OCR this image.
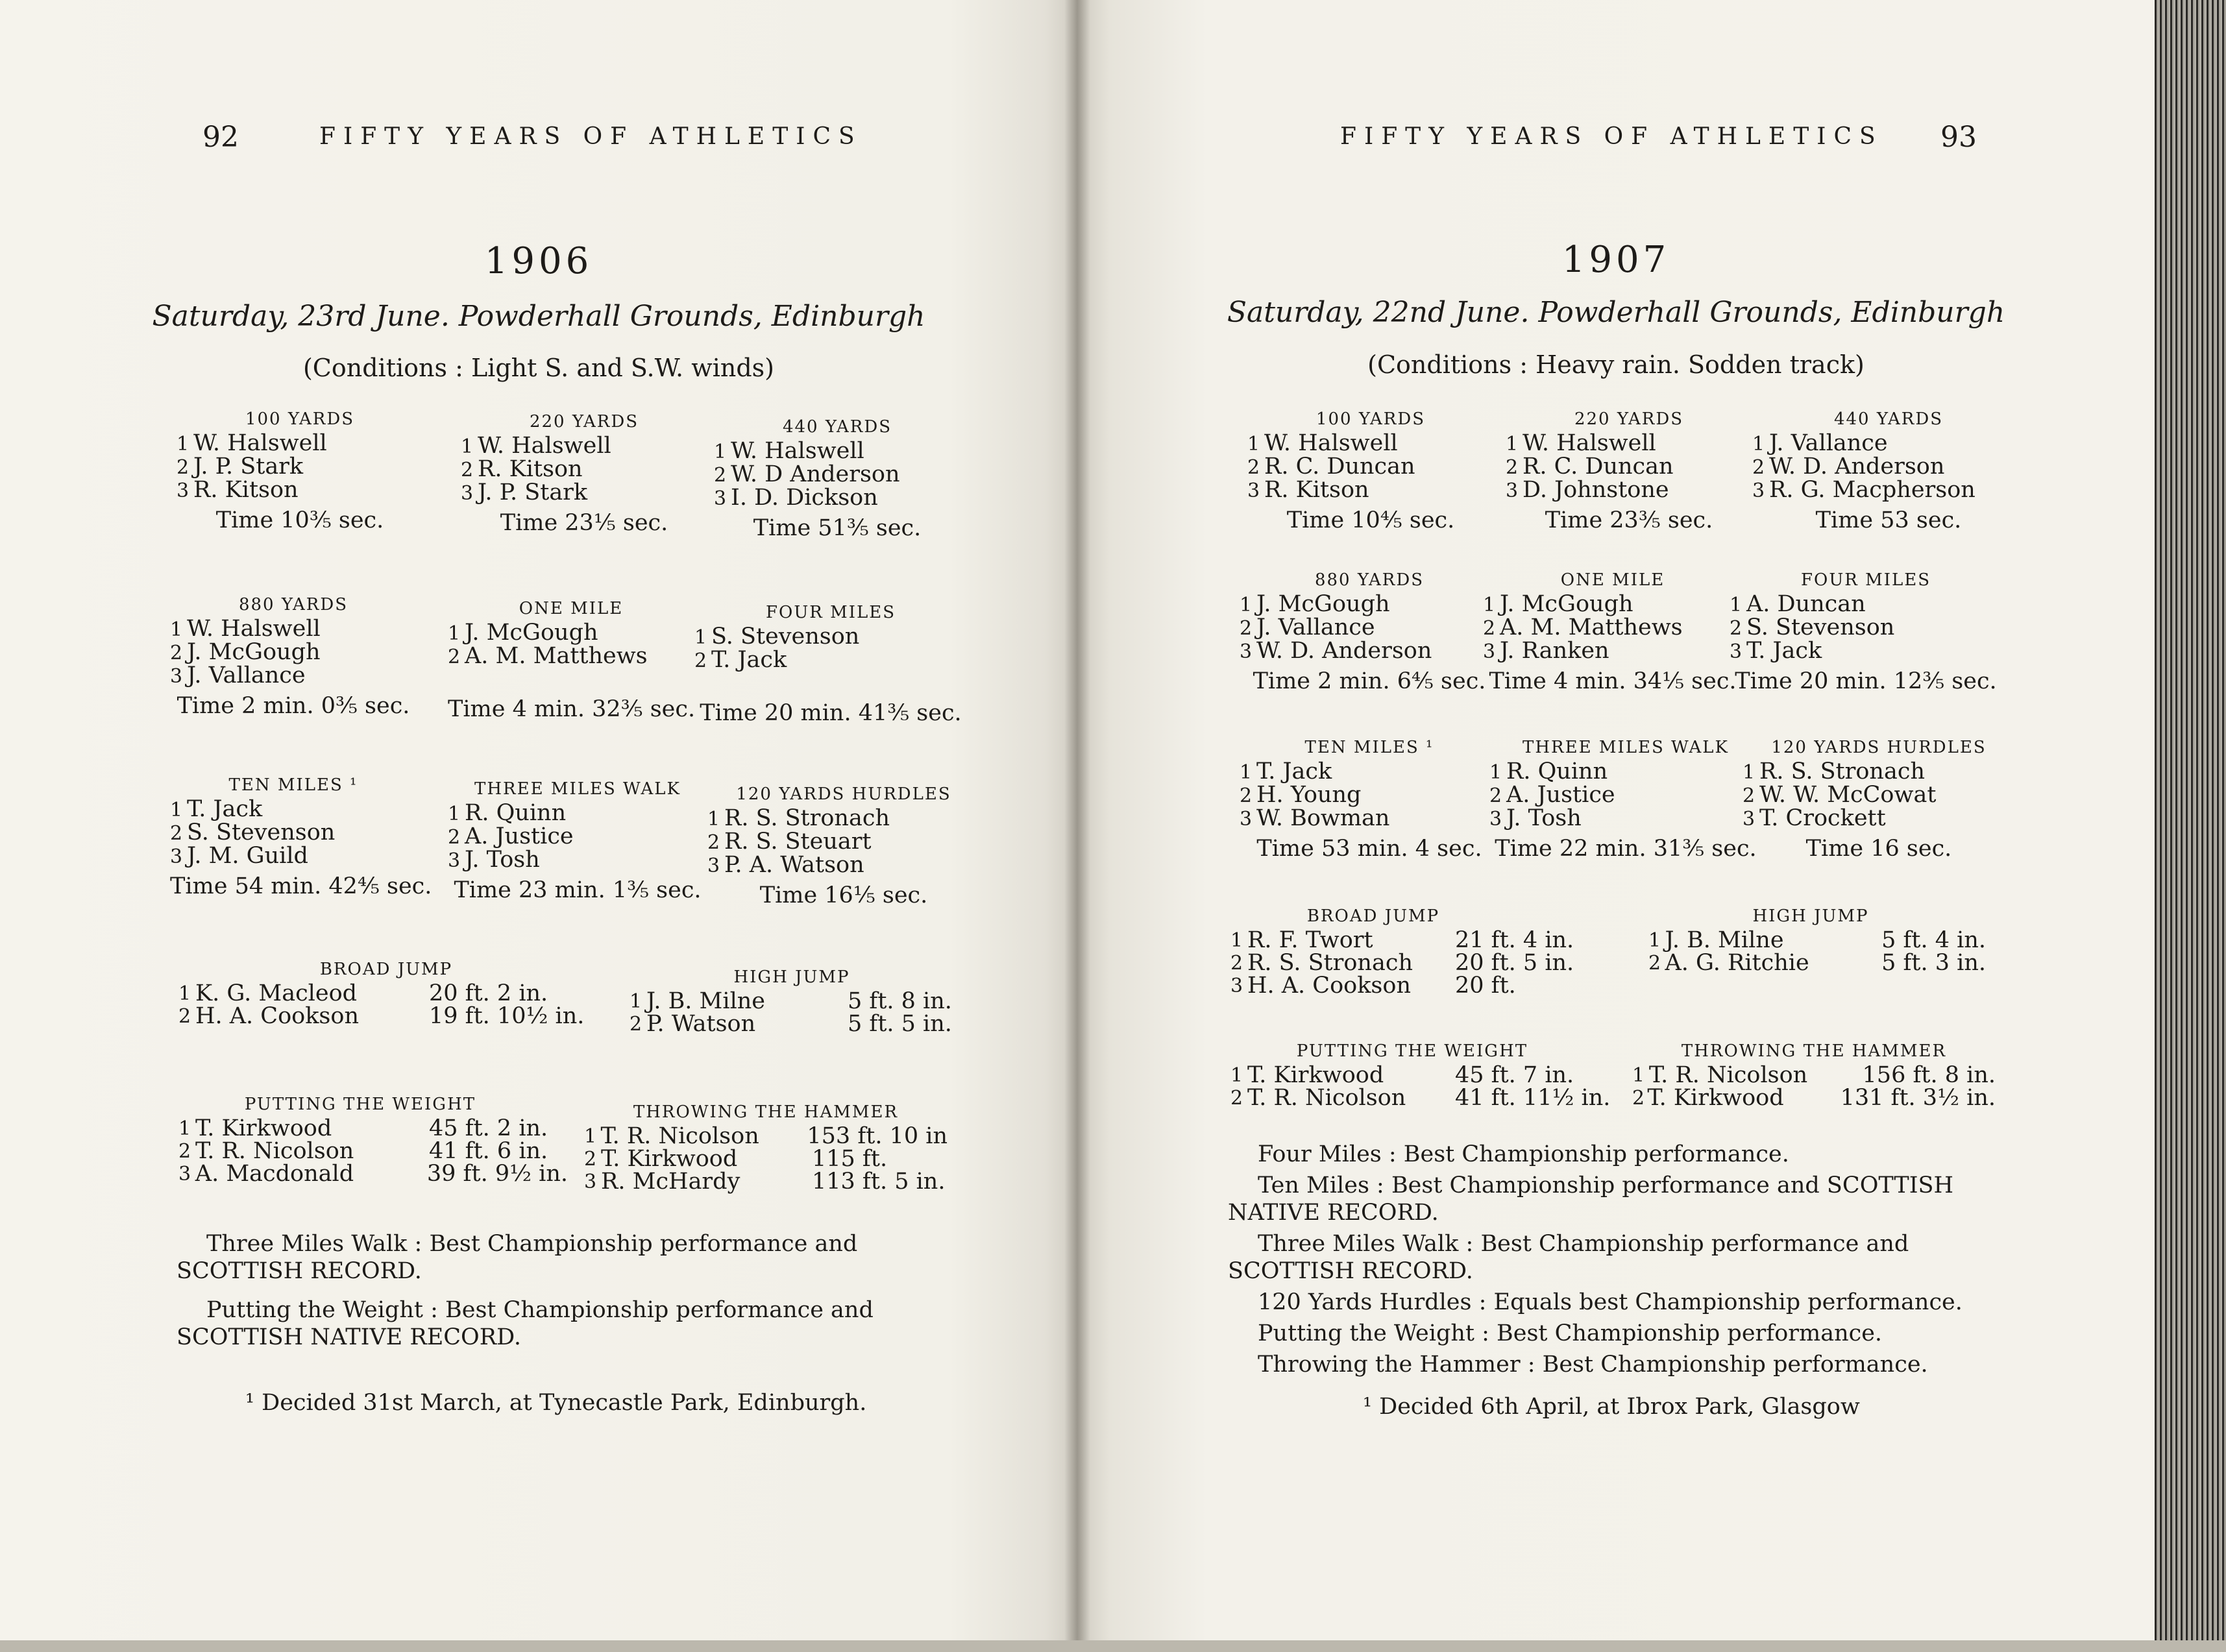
92	FIFTY YEARS OF ATHLETICS
1906
Saturday, 23rd June. Powderhall Grounds, Edinburgh
(Conditions : Light S. and S.W. winds)
100 YARDS
1 W. Halswell
2 J. P. Stark
3 R. Kitson
Time 10⅗ sec.
220 YARDS
1 W. Halswell
2 R. Kitson
3 J. P. Stark
Time 23⅕ sec.
440 YARDS
1 W. Halswell
2 W. D Anderson
3 I. D. Dickson
Time 51⅗ sec.
880 YARDS
1 W. Halswell
2 J. McGough
3 J. Vallance
Time 2 min. 0⅗ sec.
ONE MILE
1 J. McGough
2 A. M. Matthews
Time 4 min. 32⅗ sec.
FOUR MILES
1 S. Stevenson
2 T. Jack
Time 20 min. 41⅗ sec.
TEN MILES ¹
1 T. Jack
2 S. Stevenson
3 J. M. Guild
Time 54 min. 42⅘ sec.
THREE MILES WALK
1 R. Quinn
2 A. Justice
3 J. Tosh
Time 23 min. 1⅗ sec.
120 YARDS HURDLES
1 R. S. Stronach
2 R. S. Steuart
3 P. A. Watson
Time 16⅕ sec.
BROAD JUMP
1 K. G. Macleod	20 ft. 2 in.
2 H. A. Cookson	19 ft. 10½ in.
HIGH JUMP
1 J. B. Milne	5 ft. 8 in.
2 P. Watson	5 ft. 5 in.
PUTTING THE WEIGHT
1 T. Kirkwood	45 ft. 2 in.
2 T. R. Nicolson	41 ft. 6 in.
3 A. Macdonald	39 ft. 9½ in.
THROWING THE HAMMER
1 T. R. Nicolson	153 ft. 10 in
2 T. Kirkwood	115 ft.
3 R. McHardy	113 ft. 5 in.

Three Miles Walk : Best Championship performance and SCOTTISH RECORD.

Putting the Weight : Best Championship performance and SCOTTISH NATIVE RECORD.

¹ Decided 31st March, at Tynecastle Park, Edinburgh.
FIFTY YEARS OF ATHLETICS 93
1907
Saturday, 22nd June. Powderhall Grounds, Edinburgh
(Conditions : Heavy rain. Sodden track)
100 YARDS
1 W. Halswell
2 R. C. Duncan
3 R. Kitson
Time 10⅘ sec.
220 YARDS
1 W. Halswell
2 R. C. Duncan
3 D. Johnstone
Time 23⅗ sec.
440 YARDS
1 J. Vallance
2 W. D. Anderson
3 R. G. Macpherson
Time 53 sec.
880 YARDS
1 J. McGough
2 J. Vallance
3 W. D. Anderson
Time 2 min. 6⅘ sec.
ONE MILE
1 J. McGough
2 A. M. Matthews
3 J. Ranken
Time 4 min. 34⅕ sec.
FOUR MILES
1 A. Duncan
2 S. Stevenson
3 T. Jack
Time 20 min. 12⅗ sec.
TEN MILES ¹
1 T. Jack
2 H. Young
3 W. Bowman
Time 53 min. 4 sec.
THREE MILES WALK
1 R. Quinn
2 A. Justice
3 J. Tosh
Time 22 min. 31⅗ sec.
120 YARDS HURDLES
1 R. S. Stronach
2 W. W. McCowat
3 T. Crockett
Time 16 sec.
BROAD JUMP
1 R. F. Twort	21 ft. 4 in.
2 R. S. Stronach	20 ft. 5 in.
3 H. A. Cookson	20 ft.
HIGH JUMP
1 J. B. Milne	5 ft. 4 in.
2 A. G. Ritchie	5 ft. 3 in.
PUTTING THE WEIGHT
1 T. Kirkwood	45 ft. 7 in.
2 T. R. Nicolson	41 ft. 11½ in.
THROWING THE HAMMER
1 T. R. Nicolson	156 ft. 8 in.
2 T. Kirkwood	131 ft. 3½ in.

Four Miles : Best Championship performance.

Ten Miles : Best Championship performance and SCOTTISH NATIVE RECORD.

Three Miles Walk : Best Championship performance and SCOTTISH RECORD.

120 Yards Hurdles : Equals best Championship performance.

Putting the Weight : Best Championship performance.

Throwing the Hammer : Best Championship performance.

¹ Decided 6th April, at Ibrox Park, Glasgow
